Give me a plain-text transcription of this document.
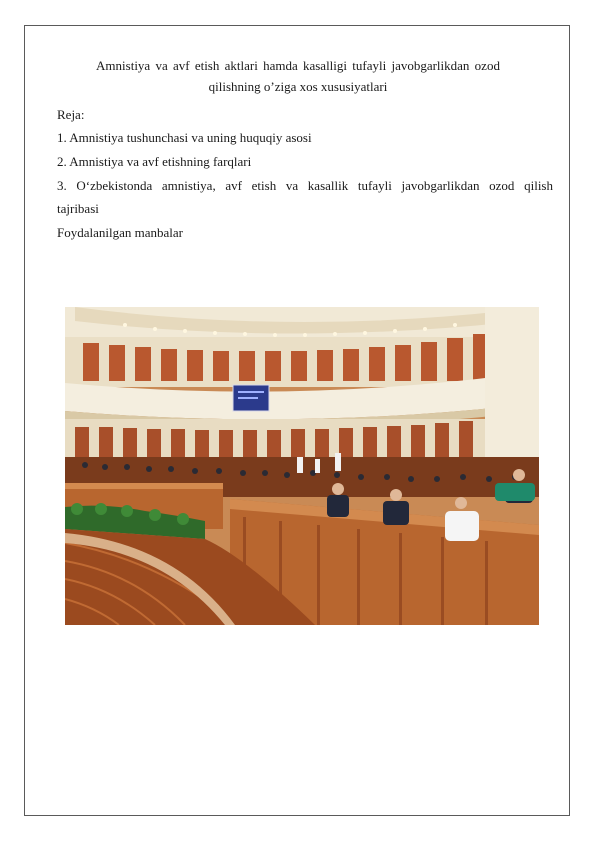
Amnistiya va avf etish aktlari hamda kasalligi tufayli javobgarlikdan ozod
qilishning o’ziga xos xususiyatlari
Reja:
1. Amnistiya tushunchasi va uning huquqiy asosi
2. Amnistiya va avf etishning farqlari
3. O‘zbekistonda amnistiya, avf etish va kasallik tufayli javobgarlikdan ozod qilish
tajribasi
Foydalanilgan manbalar
